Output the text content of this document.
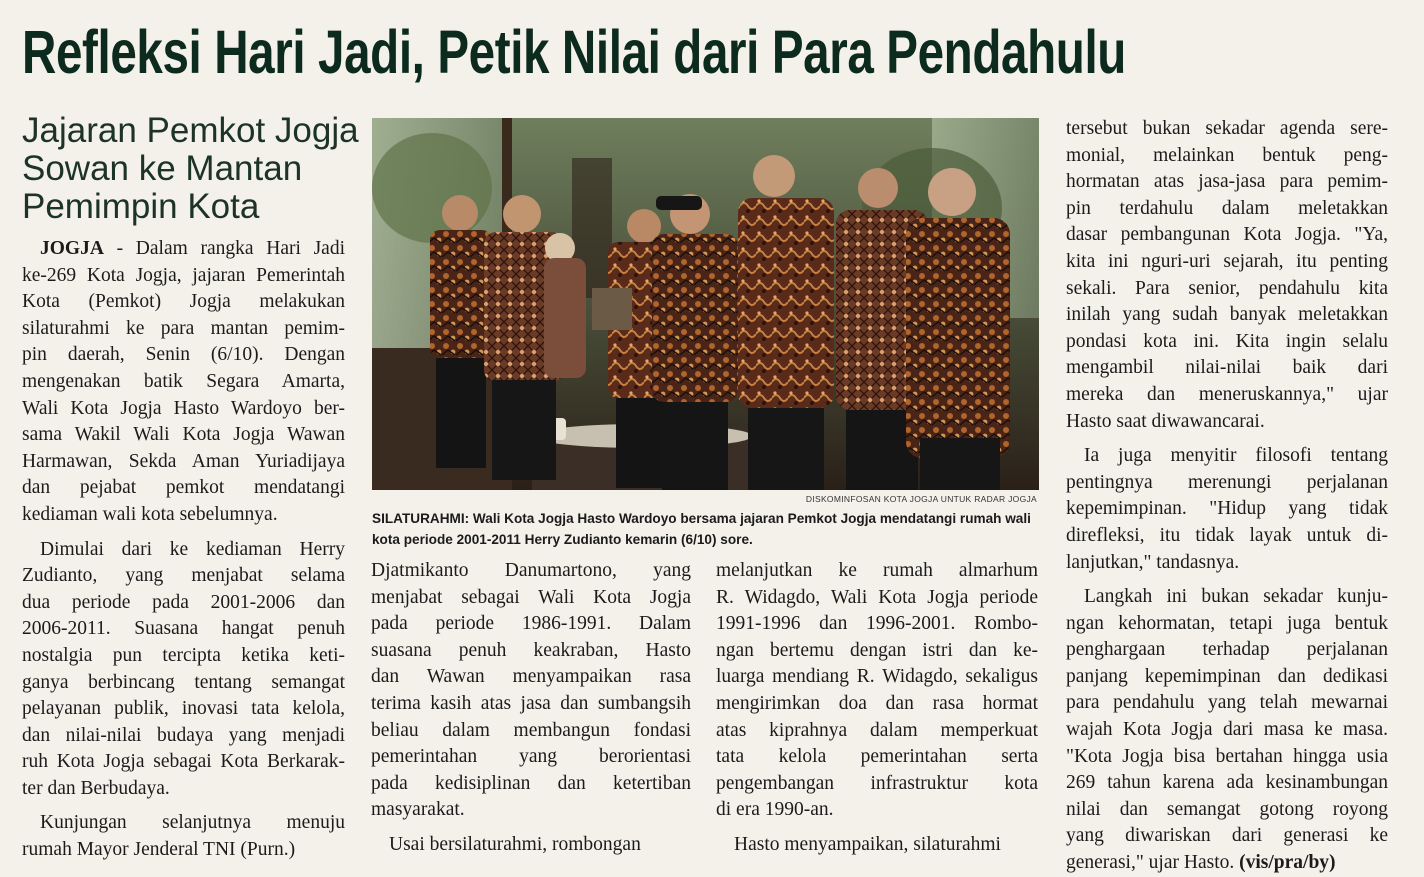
Refleksi Hari Jadi, Petik Nilai dari Para Pendahulu
Jajaran Pemkot Jogja
Sowan ke Mantan
Pemimpin Kota

JOGJA - Dalam rangka Hari Jadi

ke-269 Kota Jogja, jajaran Pemerintah

Kota (Pemkot) Jogja melakukan

silaturahmi ke para mantan pemim-

pin daerah, Senin (6/10). Dengan

mengenakan batik Segara Amarta,

Wali Kota Jogja Hasto Wardoyo ber-

sama Wakil Wali Kota Jogja Wawan

Harmawan, Sekda Aman Yuriadijaya

dan pejabat pemkot mendatangi

kediaman wali kota sebelumnya.

Dimulai dari ke kediaman Herry

Zudianto, yang menjabat selama

dua periode pada 2001-2006 dan

2006-2011. Suasana hangat penuh

nostalgia pun tercipta ketika keti-

ganya berbincang tentang semangat

pelayanan publik, inovasi tata kelola,

dan nilai-nilai budaya yang menjadi

ruh Kota Jogja sebagai Kota Berkarak-

ter dan Berbudaya.

Kunjungan selanjutnya menuju

rumah Mayor Jenderal TNI (Purn.)

DISKOMINFOSAN KOTA JOGJA UNTUK RADAR JOGJA
SILATURAHMI: Wali Kota Jogja Hasto Wardoyo bersama jajaran Pemkot Jogja mendatangi rumah wali kota periode 2001-2011 Herry Zudianto kemarin (6/10) sore.

Djatmikanto Danumartono, yang

menjabat sebagai Wali Kota Jogja

pada periode 1986-1991. Dalam

suasana penuh keakraban, Hasto

dan Wawan menyampaikan rasa

terima kasih atas jasa dan sumbangsih

beliau dalam membangun fondasi

pemerintahan yang berorientasi

pada kedisiplinan dan ketertiban

masyarakat.

Usai bersilaturahmi, rombongan

melanjutkan ke rumah almarhum

R. Widagdo, Wali Kota Jogja periode

1991-1996 dan 1996-2001. Rombo-

ngan bertemu dengan istri dan ke-

luarga mendiang R. Widagdo, sekaligus

mengirimkan doa dan rasa hormat

atas kiprahnya dalam memperkuat

tata kelola pemerintahan serta

pengembangan infrastruktur kota

di era 1990-an.

Hasto menyampaikan, silaturahmi

tersebut bukan sekadar agenda sere-

monial, melainkan bentuk peng-

hormatan atas jasa-jasa para pemim-

pin terdahulu dalam meletakkan

dasar pembangunan Kota Jogja. "Ya,

kita ini nguri-uri sejarah, itu penting

sekali. Para senior, pendahulu kita

inilah yang sudah banyak meletakkan

pondasi kota ini. Kita ingin selalu

mengambil nilai-nilai baik dari

mereka dan meneruskannya," ujar

Hasto saat diwawancarai.

Ia juga menyitir filosofi tentang

pentingnya merenungi perjalanan

kepemimpinan. "Hidup yang tidak

direfleksi, itu tidak layak untuk di-

lanjutkan," tandasnya.

Langkah ini bukan sekadar kunju-

ngan kehormatan, tetapi juga bentuk

penghargaan terhadap perjalanan

panjang kepemimpinan dan dedikasi

para pendahulu yang telah mewarnai

wajah Kota Jogja dari masa ke masa.

"Kota Jogja bisa bertahan hingga usia

269 tahun karena ada kesinambungan

nilai dan semangat gotong royong

yang diwariskan dari generasi ke

generasi," ujar Hasto. (vis/pra/by)
